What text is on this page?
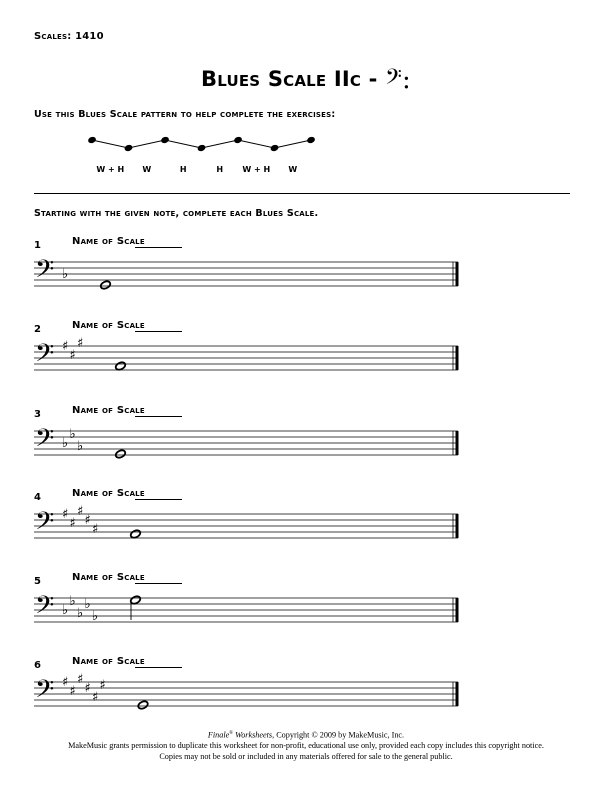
Scales: 1410
Blues Scale IIc - 𝄢:
Use this Blues Scale pattern to help complete the exercises:
W + H W	H	H W + H W
Starting with the given note, complete each Blues Scale.
1	Name of Scale
𝄢 ♭
2	Name of Scale
𝄢 ♯
♯
♯
3	Name of Scale
𝄢 ♭
♭
♭
4	Name of Scale
𝄢 ♯
♯
♯
♯
♯
5	Name of Scale
𝄢 ♭
♭
♭
♭
♭
6	Name of Scale
𝄢 ♯
♯
♯
♯
♯
♯
Finale® Worksheets, Copyright © 2009 by MakeMusic, Inc.
MakeMusic grants permission to duplicate this worksheet for non-profit, educational use only, provided each copy includes this copyright notice.
Copies may not be sold or included in any materials offered for sale to the general public.
